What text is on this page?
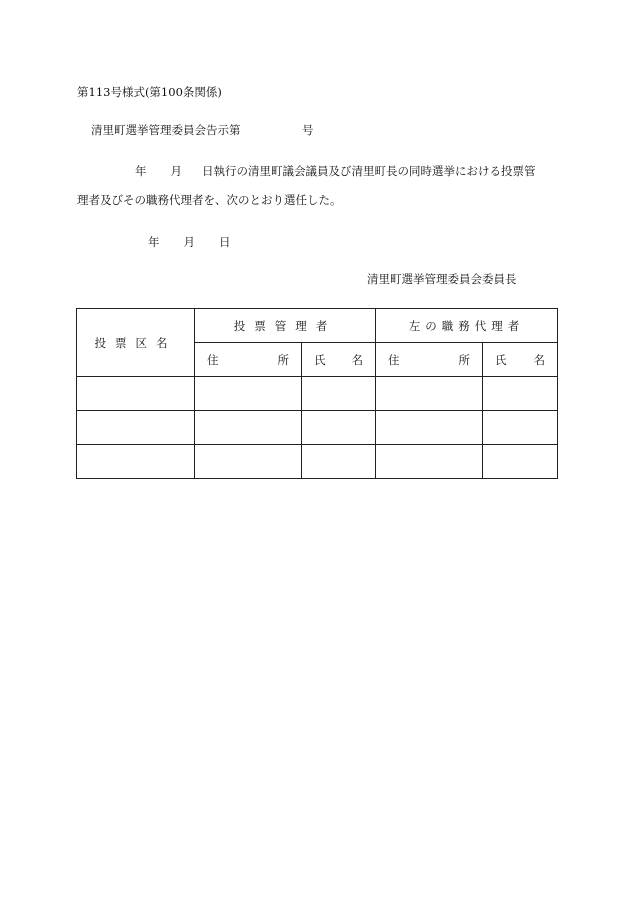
第113号様式(第100条関係)
清里町選挙管理委員会告示第	号
年 月 日執行の清里町議会議員及び清里町長の同時選挙における投票管
理者及びその職務代理者を、次のとおり選任した。
年 月 日
清里町選挙管理委員会委員長
投票区名	投票管理者		左の職務代理者	

	住 所	氏 名	住 所	氏 名
